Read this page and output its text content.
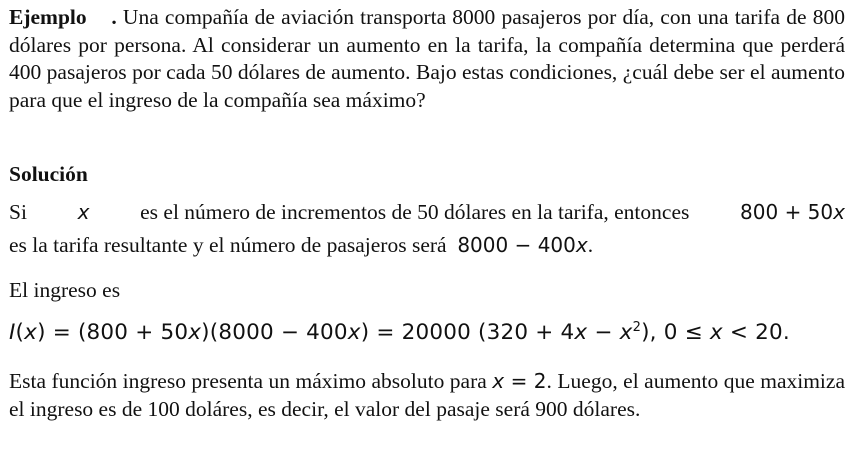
Ejemplo . Una compañía de aviación transporta 8000 pasajeros por día, con una tarifa de 800 dólares por persona. Al considerar un aumento en la tarifa, la compañía determina que perderá 400 pasajeros por cada 50 dólares de aumento. Bajo estas condiciones, ¿cuál debe ser el aumento para que el ingreso de la compañía sea máximo?

Solución
Si	x es el número de incrementos de 50 dólares en la tarifa, entonces	800 + 50x
es la tarifa resultante y el número de pasajeros será 8000 − 400x.
El ingreso es
I(x) = (800 + 50x)(8000 − 400x) = 20000 $(320 + 4x - x^2)$, 0 ≤ x < 20.

Esta función ingreso presenta un máximo absoluto para x = 2. Luego, el aumento que maximiza el ingreso es de 100 doláres, es decir, el valor del pasaje será 900 dólares.
